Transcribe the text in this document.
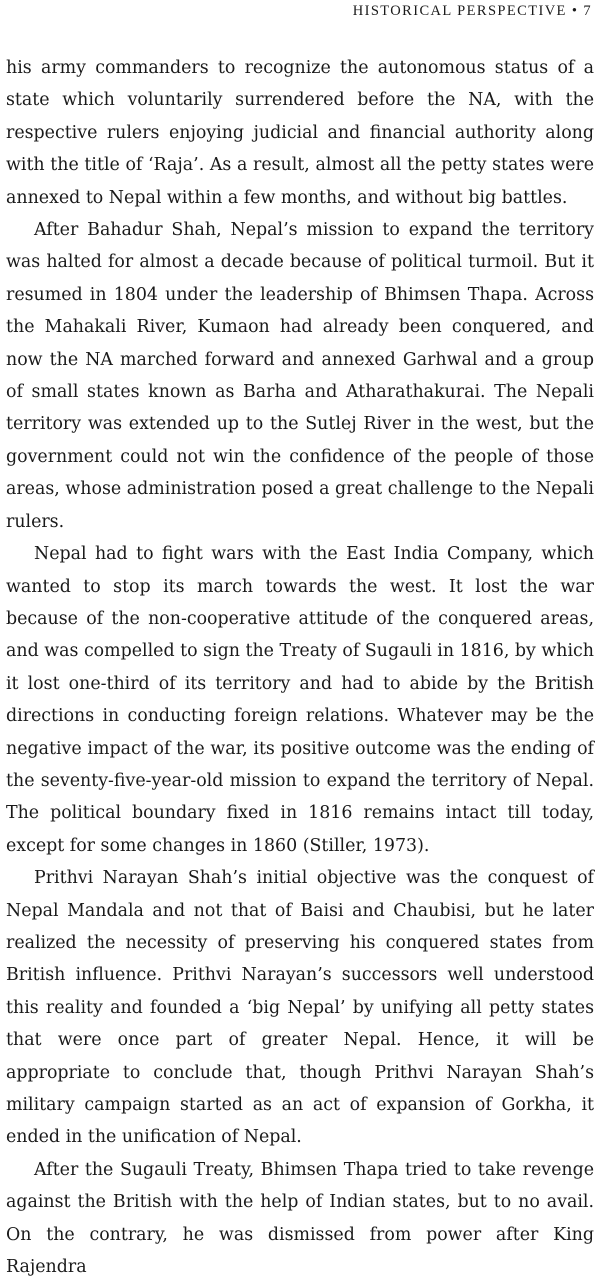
HISTORICAL PERSPECTIVE • 7

his army commanders to recognize the autonomous status of a state which voluntarily surrendered before the NA, with the respective rulers enjoying judicial and financial authority along with the title of ‘Raja’. As a result, almost all the petty states were annexed to Nepal within a few months, and without big battles.

After Bahadur Shah, Nepal’s mission to expand the territory was halted for almost a decade because of political turmoil. But it resumed in 1804 under the leadership of Bhimsen Thapa. Across the Mahakali River, Kumaon had already been conquered, and now the NA marched forward and annexed Garhwal and a group of small states known as Barha and Atharathakurai. The Nepali territory was extended up to the Sutlej River in the west, but the government could not win the confidence of the people of those areas, whose administration posed a great challenge to the Nepali rulers.

Nepal had to fight wars with the East India Company, which wanted to stop its march towards the west. It lost the war because of the non-cooperative attitude of the conquered areas, and was compelled to sign the Treaty of Sugauli in 1816, by which it lost one-third of its territory and had to abide by the British directions in conducting foreign relations. Whatever may be the negative impact of the war, its positive outcome was the ending of the seventy-five-year-old mission to expand the territory of Nepal. The political boundary fixed in 1816 remains intact till today, except for some changes in 1860 (Stiller, 1973).

Prithvi Narayan Shah’s initial objective was the conquest of Nepal Mandala and not that of Baisi and Chaubisi, but he later realized the necessity of preserving his conquered states from British influence. Prithvi Narayan’s successors well understood this reality and founded a ‘big Nepal’ by unifying all petty states that were once part of greater Nepal. Hence, it will be appropriate to conclude that, though Prithvi Narayan Shah’s military campaign started as an act of expansion of Gorkha, it ended in the unification of Nepal.

After the Sugauli Treaty, Bhimsen Thapa tried to take revenge against the British with the help of Indian states, but to no avail. On the contrary, he was dismissed from power after King Rajendra
